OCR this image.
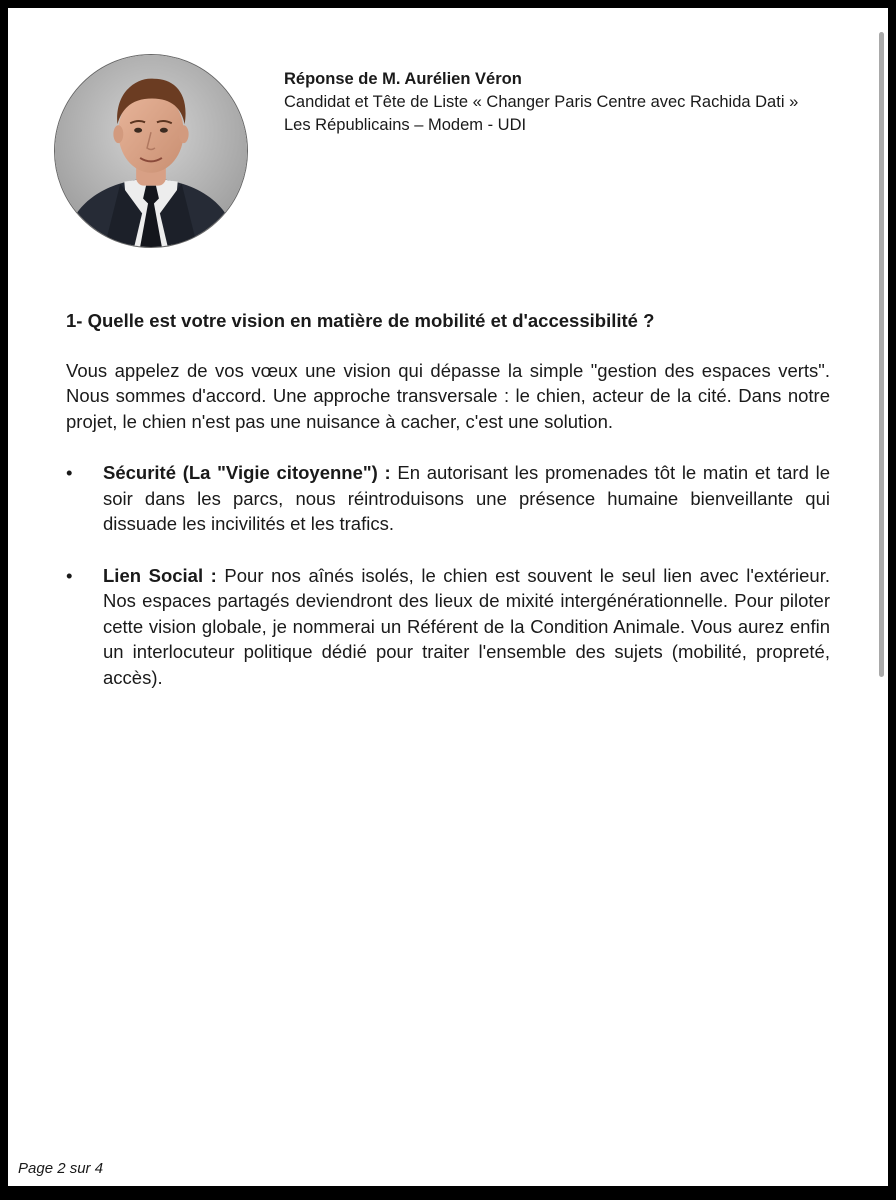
Réponse de M. Aurélien Véron
Candidat et Tête de Liste « Changer Paris Centre avec Rachida Dati »
Les Républicains – Modem - UDI
1- Quelle est votre vision en matière de mobilité et d'accessibilité ?
Vous appelez de vos vœux une vision qui dépasse la simple "gestion des espaces verts". Nous sommes d'accord. Une approche transversale : le chien, acteur de la cité. Dans notre projet, le chien n'est pas une nuisance à cacher, c'est une solution.
• Sécurité (La "Vigie citoyenne") : En autorisant les promenades tôt le matin et tard le soir dans les parcs, nous réintroduisons une présence humaine bienveillante qui dissuade les incivilités et les trafics.
• Lien Social : Pour nos aînés isolés, le chien est souvent le seul lien avec l'extérieur. Nos espaces partagés deviendront des lieux de mixité intergénérationnelle. Pour piloter cette vision globale, je nommerai un Référent de la Condition Animale. Vous aurez enfin un interlocuteur politique dédié pour traiter l'ensemble des sujets (mobilité, propreté, accès).
Page 2 sur 4
